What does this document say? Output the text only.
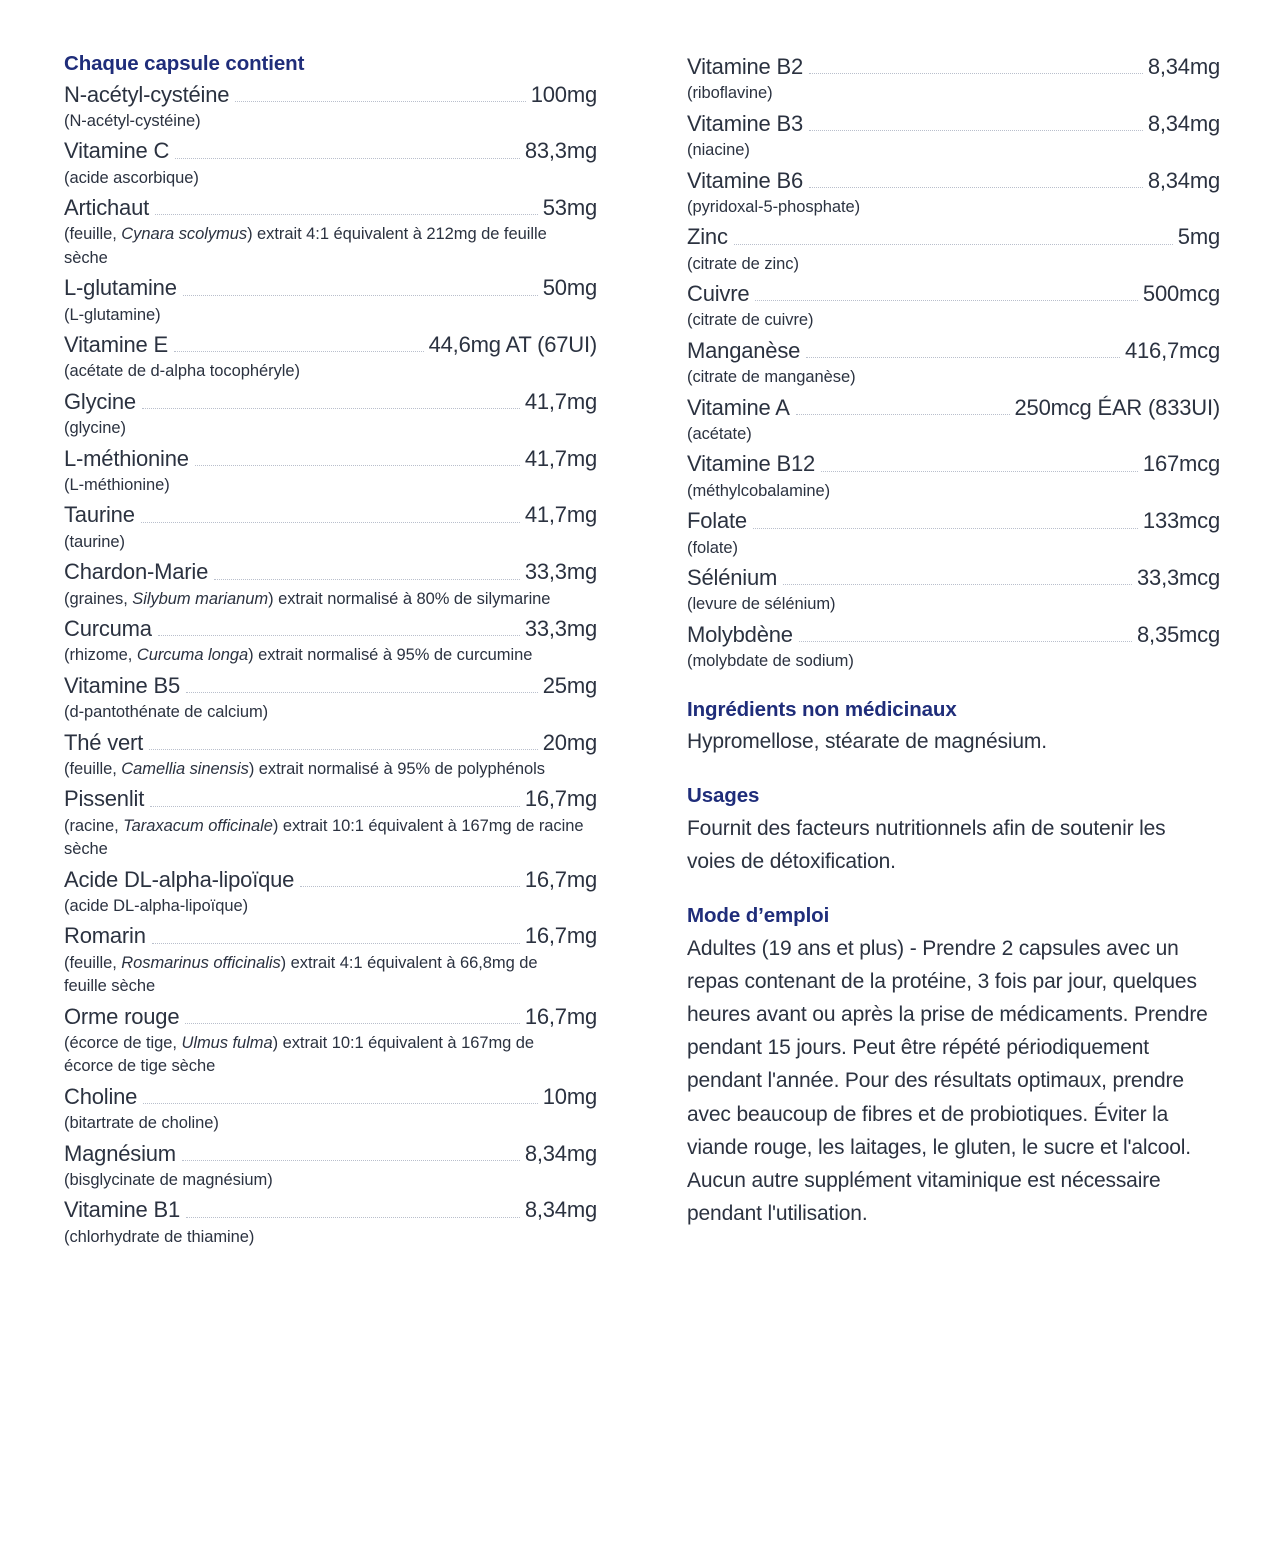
Chaque capsule contient
N-acétyl-cystéine	100mg
(N-acétyl-cystéine)
Vitamine C	83,3mg
(acide ascorbique)
Artichaut	53mg
(feuille, Cynara scolymus) extrait 4:1 équivalent à 212mg de feuille sèche
L-glutamine	50mg
(L-glutamine)
Vitamine E	44,6mg AT (67UI)
(acétate de d-alpha tocophéryle)
Glycine	41,7mg
(glycine)
L-méthionine	41,7mg
(L-méthionine)
Taurine	41,7mg
(taurine)
Chardon-Marie	33,3mg
(graines, Silybum marianum) extrait normalisé à 80% de silymarine
Curcuma	33,3mg
(rhizome, Curcuma longa) extrait normalisé à 95% de curcumine
Vitamine B5	25mg
(d-pantothénate de calcium)
Thé vert	20mg
(feuille, Camellia sinensis) extrait normalisé à 95% de polyphénols
Pissenlit	16,7mg
(racine, Taraxacum officinale) extrait 10:1 équivalent à 167mg de racine sèche
Acide DL-alpha-lipoïque	16,7mg
(acide DL-alpha-lipoïque)
Romarin	16,7mg
(feuille, Rosmarinus officinalis) extrait 4:1 équivalent à 66,8mg de feuille sèche
Orme rouge	16,7mg
(écorce de tige, Ulmus fulma) extrait 10:1 équivalent à 167mg de écorce de tige sèche
Choline	10mg
(bitartrate de choline)
Magnésium	8,34mg
(bisglycinate de magnésium)
Vitamine B1	8,34mg
(chlorhydrate de thiamine)
Vitamine B2	8,34mg
(riboflavine)
Vitamine B3	8,34mg
(niacine)
Vitamine B6	8,34mg
(pyridoxal-5-phosphate)
Zinc	5mg
(citrate de zinc)
Cuivre	500mcg
(citrate de cuivre)
Manganèse	416,7mcg
(citrate de manganèse)
Vitamine A	250mcg ÉAR (833UI)
(acétate)
Vitamine B12	167mcg
(méthylcobalamine)
Folate	133mcg
(folate)
Sélénium	33,3mcg
(levure de sélénium)
Molybdène	8,35mcg
(molybdate de sodium)
Ingrédients non médicinaux

Hypromellose, stéarate de magnésium.

Usages

Fournit des facteurs nutritionnels afin de soutenir les voies de détoxification.

Mode d’emploi

Adultes (19 ans et plus) - Prendre 2 capsules avec un repas contenant de la protéine, 3 fois par jour, quelques heures avant ou après la prise de médicaments. Prendre pendant 15 jours. Peut être répété périodiquement pendant l'année. Pour des résultats optimaux, prendre avec beaucoup de fibres et de probiotiques. Éviter la viande rouge, les laitages, le gluten, le sucre et l'alcool. Aucun autre supplément vitaminique est nécessaire pendant l'utilisation.
